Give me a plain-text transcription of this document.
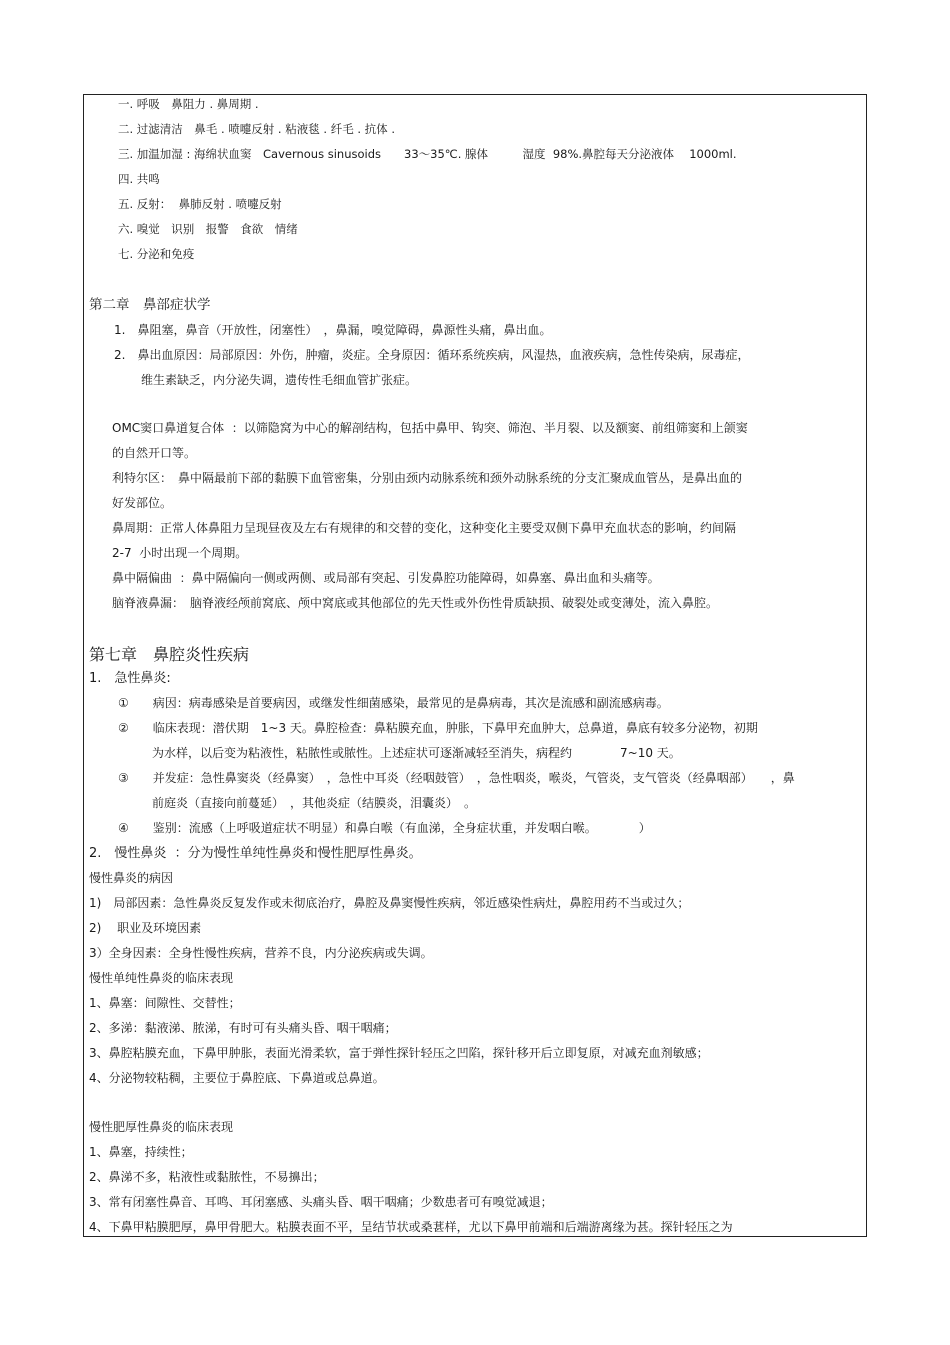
一. 呼吸　鼻阻力 . 鼻周期 .
二. 过滤清洁　鼻毛 . 喷嚏反射 . 粘液毯 . 纤毛 . 抗体 .
三. 加温加湿 : 海绵状血窦　Cavernous sinusoids　　33～35℃. 腺体　　　湿度  98%.鼻腔每天分泌液体　 1000ml.
四. 共鸣
五. 反射：  鼻肺反射 . 喷嚏反射
六. 嗅觉　识别　报警　食欲　情绪
七. 分泌和免疫
第二章　鼻部症状学
1.　鼻阻塞，鼻音（开放性，闭塞性）　，鼻漏，嗅觉障碍，鼻源性头痛，鼻出血。
2.　鼻出血原因：局部原因：外伤，肿瘤，炎症。全身原因：循环系统疾病，风湿热，血液疾病，急性传染病，尿毒症，
维生素缺乏，内分泌失调，遗传性毛细血管扩张症。
OMC窦口鼻道复合体  ：以筛隐窝为中心的解剖结构，包括中鼻甲、钩突、筛泡、半月裂、以及额窦、前组筛窦和上颌窦
的自然开口等。
利特尔区：　鼻中隔最前下部的黏膜下血管密集，分别由颈内动脉系统和颈外动脉系统的分支汇聚成血管丛，是鼻出血的
好发部位。
鼻周期：正常人体鼻阻力呈现昼夜及左右有规律的和交替的变化，这种变化主要受双侧下鼻甲充血状态的影响，约间隔
2-7  小时出现一个周期。
鼻中隔偏曲  ：鼻中隔偏向一侧或两侧、或局部有突起、引发鼻腔功能障碍，如鼻塞、鼻出血和头痛等。
脑脊液鼻漏：　脑脊液经颅前窝底、颅中窝底或其他部位的先天性或外伤性骨质缺损、破裂处或变薄处，流入鼻腔。
第七章　鼻腔炎性疾病
1.　急性鼻炎:
①　　病因：病毒感染是首要病因，或继发性细菌感染，最常见的是鼻病毒，其次是流感和副流感病毒。
②　　临床表现：潜伏期　1~3 天。鼻腔检查：鼻粘膜充血，肿胀，下鼻甲充血肿大，总鼻道，鼻底有较多分泌物，初期
为水样，以后变为粘液性，粘脓性或脓性。上述症状可逐渐减轻至消失，病程约　　　　7~10 天。
③　　并发症：急性鼻窦炎（经鼻窦）　，急性中耳炎（经咽鼓管）　，急性咽炎，喉炎，气管炎，支气管炎（经鼻咽部）　　，鼻
前庭炎（直接向前蔓延）　，其他炎症（结膜炎，泪囊炎）　。
④　　鉴别：流感（上呼吸道症状不明显）和鼻白喉（有血涕，全身症状重，并发咽白喉。　　　　）
2.　慢性鼻炎  ：分为慢性单纯性鼻炎和慢性肥厚性鼻炎。
慢性鼻炎的病因
1)　局部因素：急性鼻炎反复发作或未彻底治疗，鼻腔及鼻窦慢性疾病，邻近感染性病灶，鼻腔用药不当或过久；
2)　 职业及环境因素
3）全身因素：全身性慢性疾病，营养不良，内分泌疾病或失调。
慢性单纯性鼻炎的临床表现
1、鼻塞：间隙性、交替性；
2、多涕：黏液涕、脓涕，有时可有头痛头昏、咽干咽痛；
3、鼻腔粘膜充血，下鼻甲肿胀，表面光滑柔软，富于弹性探针轻压之凹陷，探针移开后立即复原，对减充血剂敏感；
4、分泌物较粘稠，主要位于鼻腔底、下鼻道或总鼻道。
慢性肥厚性鼻炎的临床表现
1、鼻塞，持续性；
2、鼻涕不多，粘液性或黏脓性，不易擤出；
3、常有闭塞性鼻音、耳鸣、耳闭塞感、头痛头昏、咽干咽痛；少数患者可有嗅觉减退；
4、下鼻甲粘膜肥厚，鼻甲骨肥大。粘膜表面不平，呈结节状或桑葚样，尤以下鼻甲前端和后端游离缘为甚。探针轻压之为
